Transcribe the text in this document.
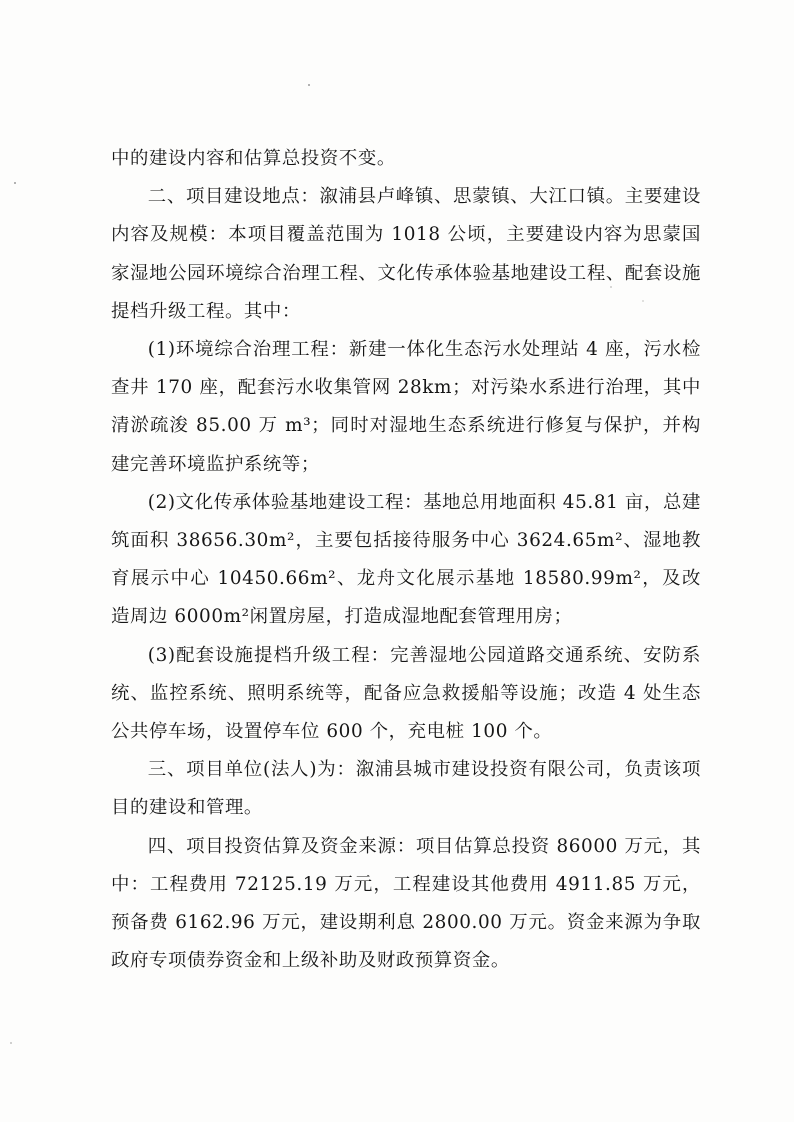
中的建设内容和估算总投资不变。

二、项目建设地点：溆浦县卢峰镇、思蒙镇、大江口镇。主要建设内容及规模：本项目覆盖范围为 1018 公顷，主要建设内容为思蒙国家湿地公园环境综合治理工程、文化传承体验基地建设工程、配套设施提档升级工程。其中：

(1)环境综合治理工程：新建一体化生态污水处理站 4 座，污水检查井 170 座，配套污水收集管网 28km；对污染水系进行治理，其中清淤疏浚 85.00 万 m³；同时对湿地生态系统进行修复与保护，并构建完善环境监护系统等；

(2)文化传承体验基地建设工程：基地总用地面积 45.81 亩，总建筑面积 38656.30m²，主要包括接待服务中心 3624.65m²、湿地教育展示中心 10450.66m²、龙舟文化展示基地 18580.99m²，及改造周边 6000m²闲置房屋，打造成湿地配套管理用房；

(3)配套设施提档升级工程：完善湿地公园道路交通系统、安防系统、监控系统、照明系统等，配备应急救援船等设施；改造 4 处生态公共停车场，设置停车位 600 个，充电桩 100 个。

三、项目单位(法人)为：溆浦县城市建设投资有限公司，负责该项目的建设和管理。

四、项目投资估算及资金来源：项目估算总投资 86000 万元，其中：工程费用 72125.19 万元，工程建设其他费用 4911.85 万元，预备费 6162.96 万元，建设期利息 2800.00 万元。资金来源为争取政府专项债券资金和上级补助及财政预算资金。
